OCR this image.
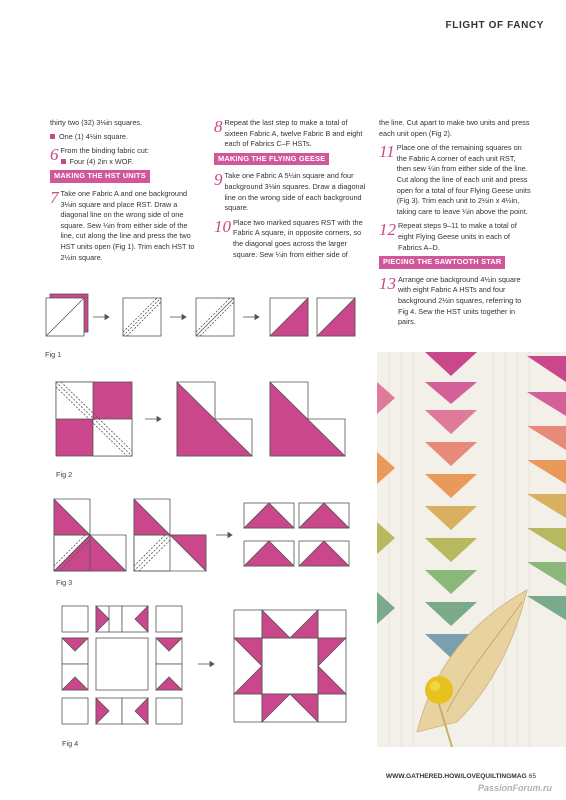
FLIGHT OF FANCY

thirty two (32) 3⅛in squares.

One (1) 4½in square.

6 From the binding fabric cut:
Four (4) 2in x WOF.
MAKING THE HST UNITS
7 Take one Fabric A and one background 3⅛in square and place RST. Draw a diagonal line on the wrong side of one square. Sew ¼in from either side of the line, cut along the line and press the two HST units open (Fig 1). Trim each HST to 2½in square.
8 Repeat the last step to make a total of sixteen Fabric A, twelve Fabric B and eight each of Fabrics C–F HSTs.
MAKING THE FLYING GEESE
9 Take one Fabric A 5½in square and four background 3⅛in squares. Draw a diagonal line on the wrong side of each background square.
10 Place two marked squares RST with the Fabric A square, in opposite corners, so the diagonal goes across the larger square. Sew ¼in from either side of

the line. Cut apart to make two units and press each unit open (Fig 2).

11 Place one of the remaining squares on the Fabric A corner of each unit RST, then sew ¼in from either side of the line. Cut along the line of each unit and press open for a total of four Flying Geese units (Fig 3). Trim each unit to 2½in x 4½in, taking care to leave ¼in above the point.
12 Repeat steps 9–11 to make a total of eight Flying Geese units in each of Fabrics A–D.
PIECING THE SAWTOOTH STAR
13 Arrange one background 4½in square with eight Fabric A HSTs and four background 2½in squares, referring to Fig 4. Sew the HST units together in pairs.
Fig 1
Fig 2
Fig 3
Fig 4
WWW.GATHERED.HOW/LOVEQUILTINGMAG 65
PassionForum.ru
